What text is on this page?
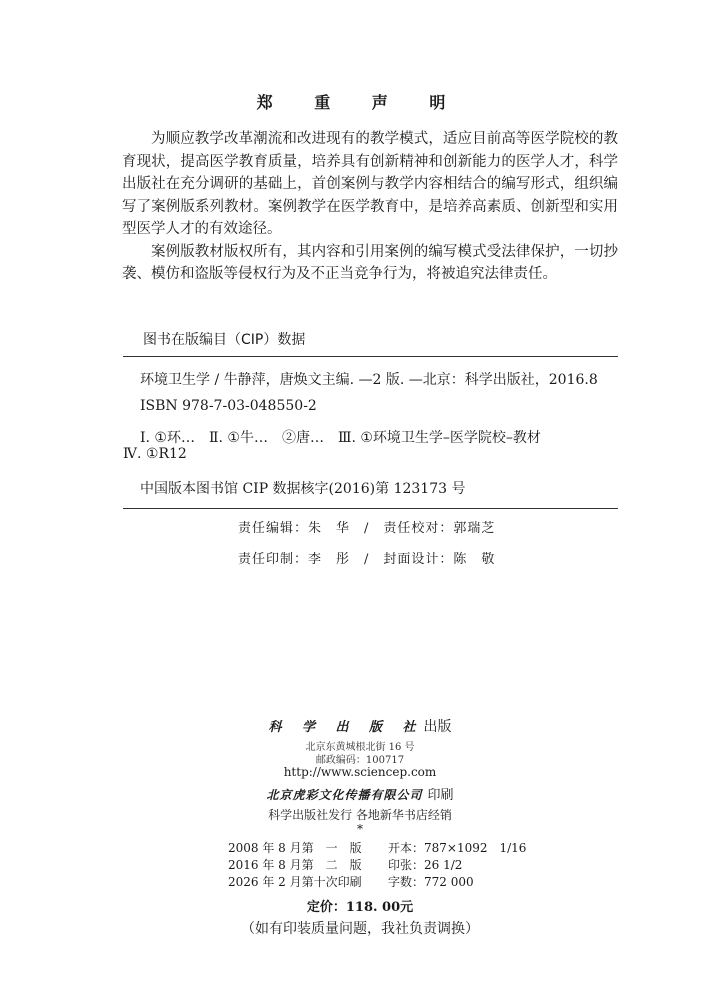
郑 重 声 明

为顺应教学改革潮流和改进现有的教学模式，适应目前高等医学院校的教育现状，提高医学教育质量，培养具有创新精神和创新能力的医学人才，科学出版社在充分调研的基础上，首创案例与教学内容相结合的编写形式，组织编写了案例版系列教材。案例教学在医学教育中，是培养高素质、创新型和实用型医学人才的有效途径。

案例版教材版权所有，其内容和引用案例的编写模式受法律保护，一切抄袭、模仿和盗版等侵权行为及不正当竞争行为，将被追究法律责任。

图书在版编目（CIP）数据
环境卫生学 / 牛静萍，唐焕文主编. —2 版. —北京：科学出版社，2016.8
ISBN 978-7-03-048550-2
Ⅰ. ①环…　Ⅱ. ①牛…　②唐…　Ⅲ. ①环境卫生学–医学院校–教材
Ⅳ. ①R12
中国版本图书馆 CIP 数据核字(2016)第 123173 号
责任编辑：朱　华　/　责任校对：郭瑞芝
责任印制：李　彤　/　封面设计：陈　敬
科 学 出 版 社出版
北京东黄城根北街 16 号
邮政编码：100717
http://www.sciencep.com
北京虎彩文化传播有限公司 印刷
科学出版社发行 各地新华书店经销
*
2008 年 8 月第　一　版 开本：787×1092　1/16
2016 年 8 月第　二　版 印张：26 1/2
2026 年 2 月第十次印刷 字数：772 000
定价：118. 00元
（如有印装质量问题，我社负责调换）
